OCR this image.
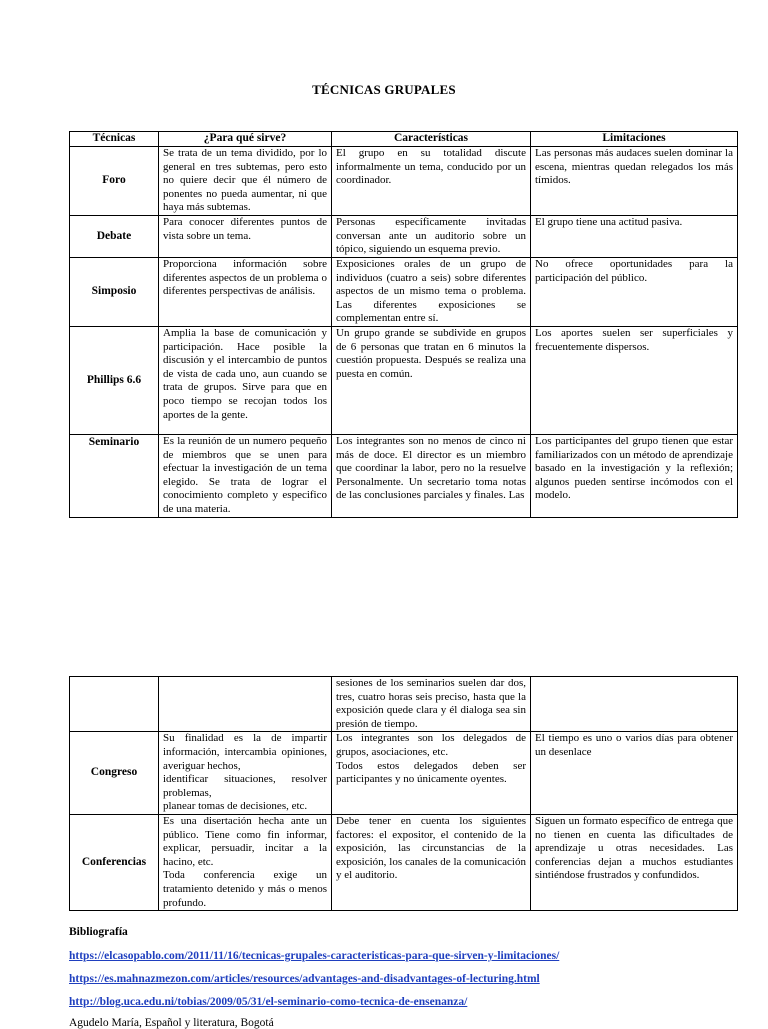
TÉCNICAS GRUPALES
Técnicas	¿Para qué sirve?	Características	Limitaciones
Foro	Se trata de un tema dividido, por lo general en tres subtemas, pero esto no quiere decir que él número de ponentes no pueda aumentar, ni que haya más subtemas.	El grupo en su totalidad discute informalmente un tema, conducido por un coordinador.	Las personas más audaces suelen dominar la escena, mientras quedan relegados los más tímidos.
Debate	Para conocer diferentes puntos de vista sobre un tema.	Personas específicamente invitadas conversan ante un auditorio sobre un tópico, siguiendo un esquema previo.	El grupo tiene una actitud pasiva.
Simposio	Proporciona información sobre diferentes aspectos de un problema o diferentes perspectivas de análisis.	Exposiciones orales de un grupo de individuos (cuatro a seis) sobre diferentes aspectos de un mismo tema o problema. Las diferentes exposiciones se complementan entre sí.	No ofrece oportunidades para la participación del público.
Phillips 6.6	Amplia la base de comunicación y participación. Hace posible la discusión y el intercambio de puntos de vista de cada uno, aun cuando se trata de grupos. Sirve para que en poco tiempo se recojan todos los aportes de la gente.	Un grupo grande se subdivide en grupos de 6 personas que tratan en 6 minutos la cuestión propuesta. Después se realiza una puesta en común.	Los aportes suelen ser superficiales y frecuentemente dispersos.
Seminario	Es la reunión de un numero pequeño de miembros que se unen para efectuar la investigación de un tema elegido. Se trata de lograr el conocimiento completo y especifico de una materia.	Los integrantes son no menos de cinco ni más de doce. El director es un miembro que coordinar la labor, pero no la resuelve Personalmente. Un secretario toma notas de las conclusiones parciales y finales. Las	Los participantes del grupo tienen que estar familiarizados con un método de aprendizaje basado en la investigación y la reflexión; algunos pueden sentirse incómodos con el modelo.
		sesiones de los seminarios suelen dar dos, tres, cuatro horas seis preciso, hasta que la exposición quede clara y él dialoga sea sin presión de tiempo.	
Congreso	Su finalidad es la de impartir información, intercambia opiniones, averiguar hechos,
identificar situaciones, resolver problemas,
planear tomas de decisiones, etc.	Los integrantes son los delegados de grupos, asociaciones, etc.
Todos estos delegados deben ser participantes y no únicamente oyentes.	El tiempo es uno o varios días para obtener un desenlace
Conferencias	Es una disertación hecha ante un público. Tiene como fin informar, explicar, persuadir, incitar a la hacino, etc.
Toda conferencia exige un tratamiento detenido y más o menos profundo.	Debe tener en cuenta los siguientes factores: el expositor, el contenido de la exposición, las circunstancias de la exposición, los canales de la comunicación y el auditorio.	Siguen un formato específico de entrega que no tienen en cuenta las dificultades de aprendizaje u otras necesidades. Las conferencias dejan a muchos estudiantes sintiéndose frustrados y confundidos.
Bibliografía
https://elcasopablo.com/2011/11/16/tecnicas-grupales-caracteristicas-para-que-sirven-y-limitaciones/
https://es.mahnazmezon.com/articles/resources/advantages-and-disadvantages-of-lecturing.html
http://blog.uca.edu.ni/tobias/2009/05/31/el-seminario-como-tecnica-de-ensenanza/
Agudelo María, Español y literatura, Bogotá
